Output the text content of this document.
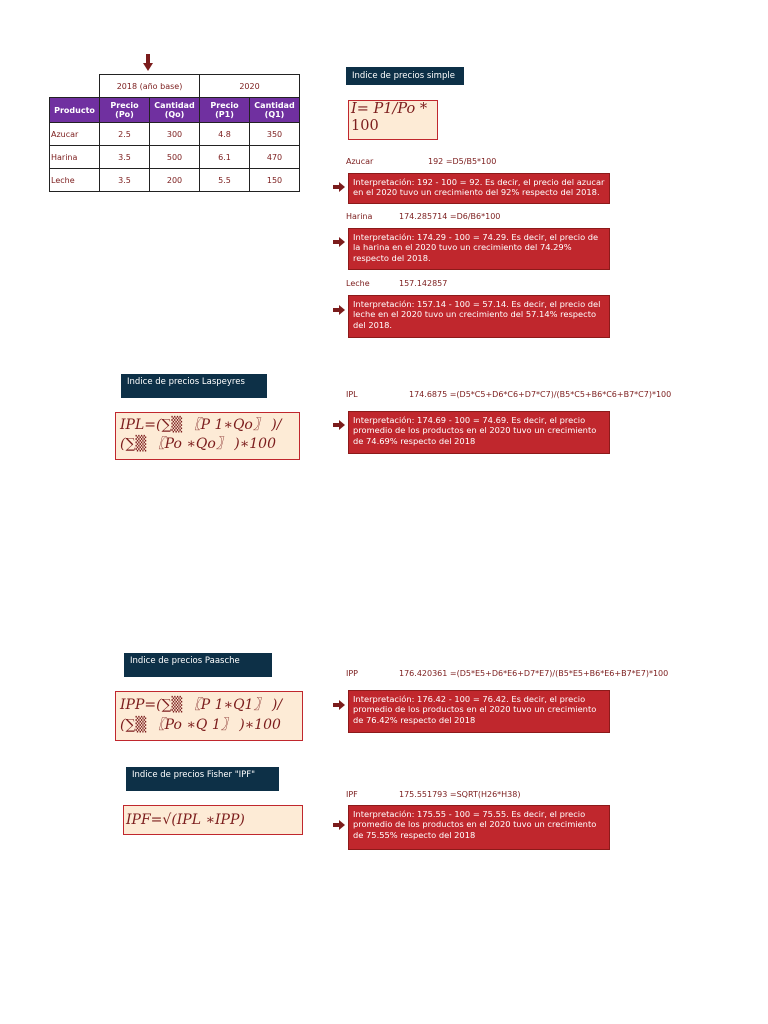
	2018 (año base)		2020	
Producto	Precio (Po)	Cantidad (Qo)	Precio (P1)	Cantidad (Q1)
Azucar	2.5	300	4.8	350
Harina	3.5	500	6.1	470
Leche	3.5	200	5.5	150
Indice de precios simple
I= P1/Po *
100
Azucar	192 =D5/B5*100
Interpretación: 192 - 100 = 92. Es decir, el precio del azucar en el 2020 tuvo un crecimiento del 92% respecto del 2018.
Harina	174.285714 =D6/B6*100
Interpretación: 174.29 - 100 = 74.29. Es decir, el precio de la harina en el 2020 tuvo un crecimiento del 74.29% respecto del 2018.
Leche	157.142857
Interpretación: 157.14 - 100 = 57.14. Es decir, el precio del leche en el 2020 tuvo un crecimiento del 57.14% respecto del 2018.
Indice de precios Laspeyres
IPL=(∑▒ 〖P 1∗Qo〗 )/
(∑▒ 〖Po ∗Qo〗 )∗100
IPL	174.6875 =(D5*C5+D6*C6+D7*C7)/(B5*C5+B6*C6+B7*C7)*100
Interpretación: 174.69 - 100 = 74.69. Es decir, el precio promedio de los productos en el 2020 tuvo un crecimiento de 74.69% respecto del 2018
Indice de precios Paasche
IPP=(∑▒ 〖P 1∗Q1〗 )/
(∑▒ 〖Po ∗Q 1〗 )∗100
IPP	176.420361 =(D5*E5+D6*E6+D7*E7)/(B5*E5+B6*E6+B7*E7)*100
Interpretación: 176.42 - 100 = 76.42. Es decir, el precio promedio de los productos en el 2020 tuvo un crecimiento de 76.42% respecto del 2018
Indice de precios Fisher "IPF"
IPF=√(IPL ∗IPP)
IPF	175.551793 =SQRT(H26*H38)
Interpretación: 175.55 - 100 = 75.55. Es decir, el precio promedio de los productos en el 2020 tuvo un crecimiento de 75.55% respecto del 2018
